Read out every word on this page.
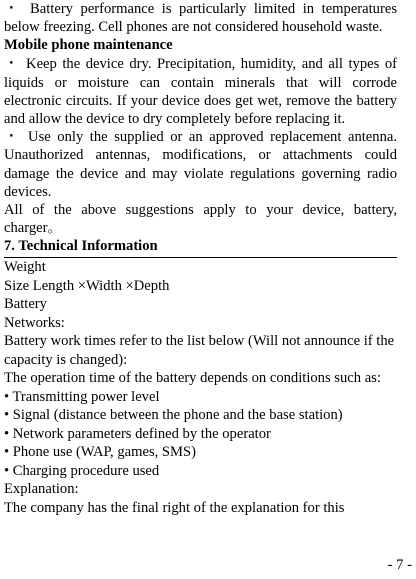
・ Battery performance is particularly limited in temperatures below freezing. Cell phones are not considered household waste.

Mobile phone maintenance

・ Keep the device dry. Precipitation, humidity, and all types of liquids or moisture can contain minerals that will corrode electronic circuits. If your device does get wet, remove the battery and allow the device to dry completely before replacing it.

・ Use only the supplied or an approved replacement antenna. Unauthorized antennas, modifications, or attachments could damage the device and may violate regulations governing radio devices.

All of the above suggestions apply to your device, battery, charger。

7. Technical Information

Weight

Size Length ×Width ×Depth

Battery

Networks:

Battery work times refer to the list below (Will not announce if the capacity is changed):

The operation time of the battery depends on conditions such as:

• Transmitting power level

• Signal (distance between the phone and the base station)

• Network parameters defined by the operator

• Phone use (WAP, games, SMS)

• Charging procedure used

Explanation:

The company has the final right of the explanation for this

- 7 -
